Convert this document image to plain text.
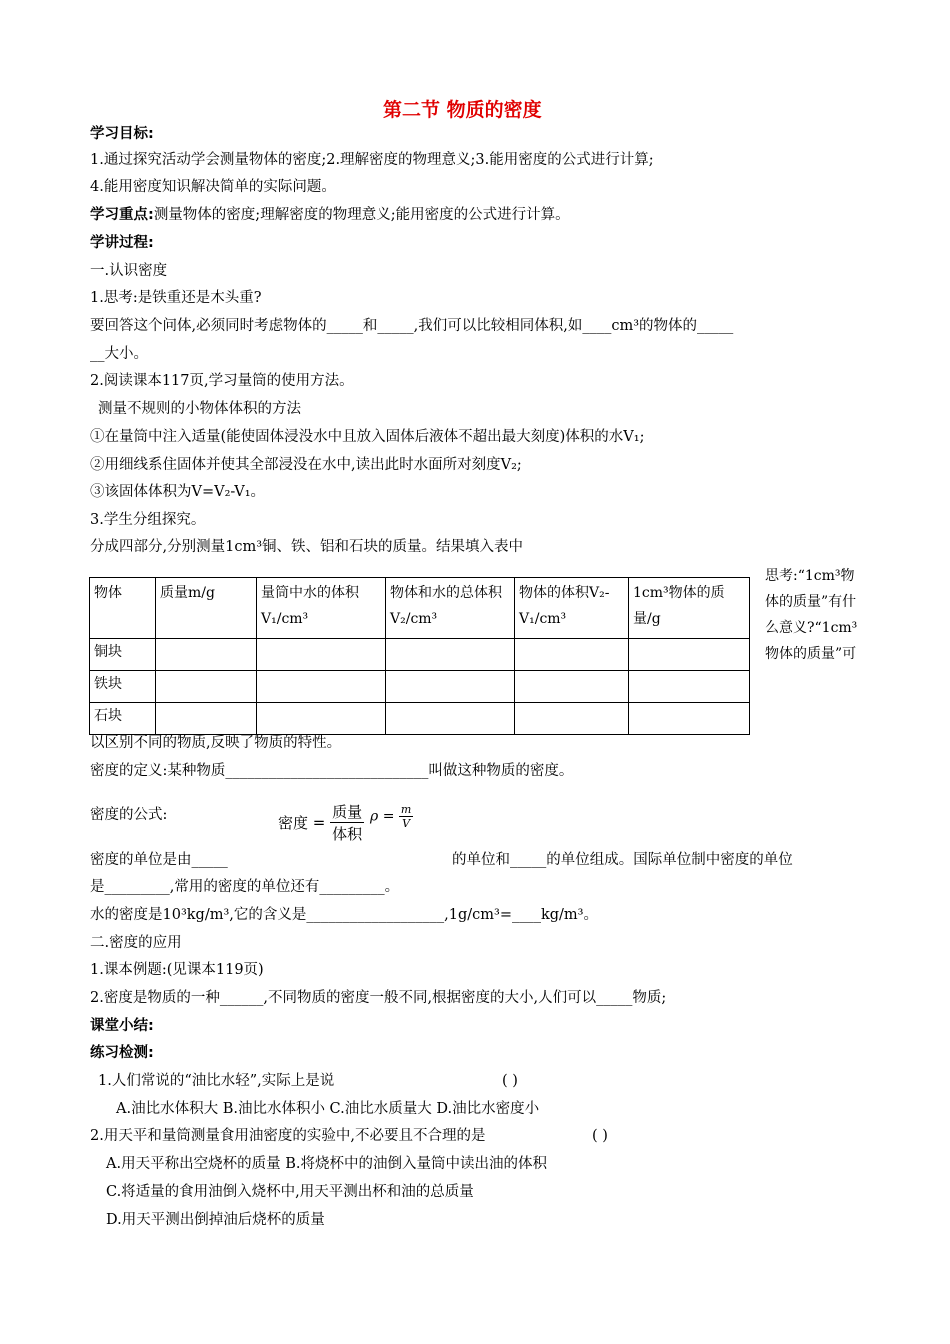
第二节 物质的密度
学习目标:
1.通过探究活动学会测量物体的密度;2.理解密度的物理意义;3.能用密度的公式进行计算;
4.能用密度知识解决简单的实际问题。
学习重点:测量物体的密度;理解密度的物理意义;能用密度的公式进行计算。
学讲过程:
一.认识密度
1.思考:是铁重还是木头重?
要回答这个问体,必须同时考虑物体的_____和_____,我们可以比较相同体积,如____cm³的物体的_____
__大小。
2.阅读课本117页,学习量筒的使用方法。
测量不规则的小物体体积的方法
①在量筒中注入适量(能使固体浸没水中且放入固体后液体不超出最大刻度)体积的水V₁;
②用细线系住固体并使其全部浸没在水中,读出此时水面所对刻度V₂;
③该固体体积为V=V₂-V₁。
3.学生分组探究。
分成四部分,分别测量1cm³铜、铁、铝和石块的质量。结果填入表中
物体	质量m/g	量筒中水的体积V₁/cm³	物体和水的总体积V₂/cm³	物体的体积V₂-V₁/cm³	1cm³物体的质量/g
铜块					
铁块					
石块					
思考:“1cm³物体的质量”有什么意义?“1cm³物体的质量”可
以区别不同的物质,反映了物质的特性。
密度的定义:某种物质____________________________叫做这种物质的密度。
密度的公式:	密度 = $\frac{\text{质量}}{\text{体积}}$ $\rho = \frac{m}{V}$
密度的单位是由_____	的单位和_____的单位组成。国际单位制中密度的单位
是_________,常用的密度的单位还有_________。
水的密度是10³kg/m³,它的含义是___________________,1g/cm³=____kg/m³。
二.密度的应用
1.课本例题:(见课本119页)
2.密度是物质的一种______,不同物质的密度一般不同,根据密度的大小,人们可以_____物质;
课堂小结:
练习检测:
1.人们常说的“油比水轻”,实际上是说	( )
A.油比水体积大 B.油比水体积小 C.油比水质量大 D.油比水密度小
2.用天平和量筒测量食用油密度的实验中,不必要且不合理的是	( )
A.用天平称出空烧杯的质量 B.将烧杯中的油倒入量筒中读出油的体积
C.将适量的食用油倒入烧杯中,用天平测出杯和油的总质量
D.用天平测出倒掉油后烧杯的质量
